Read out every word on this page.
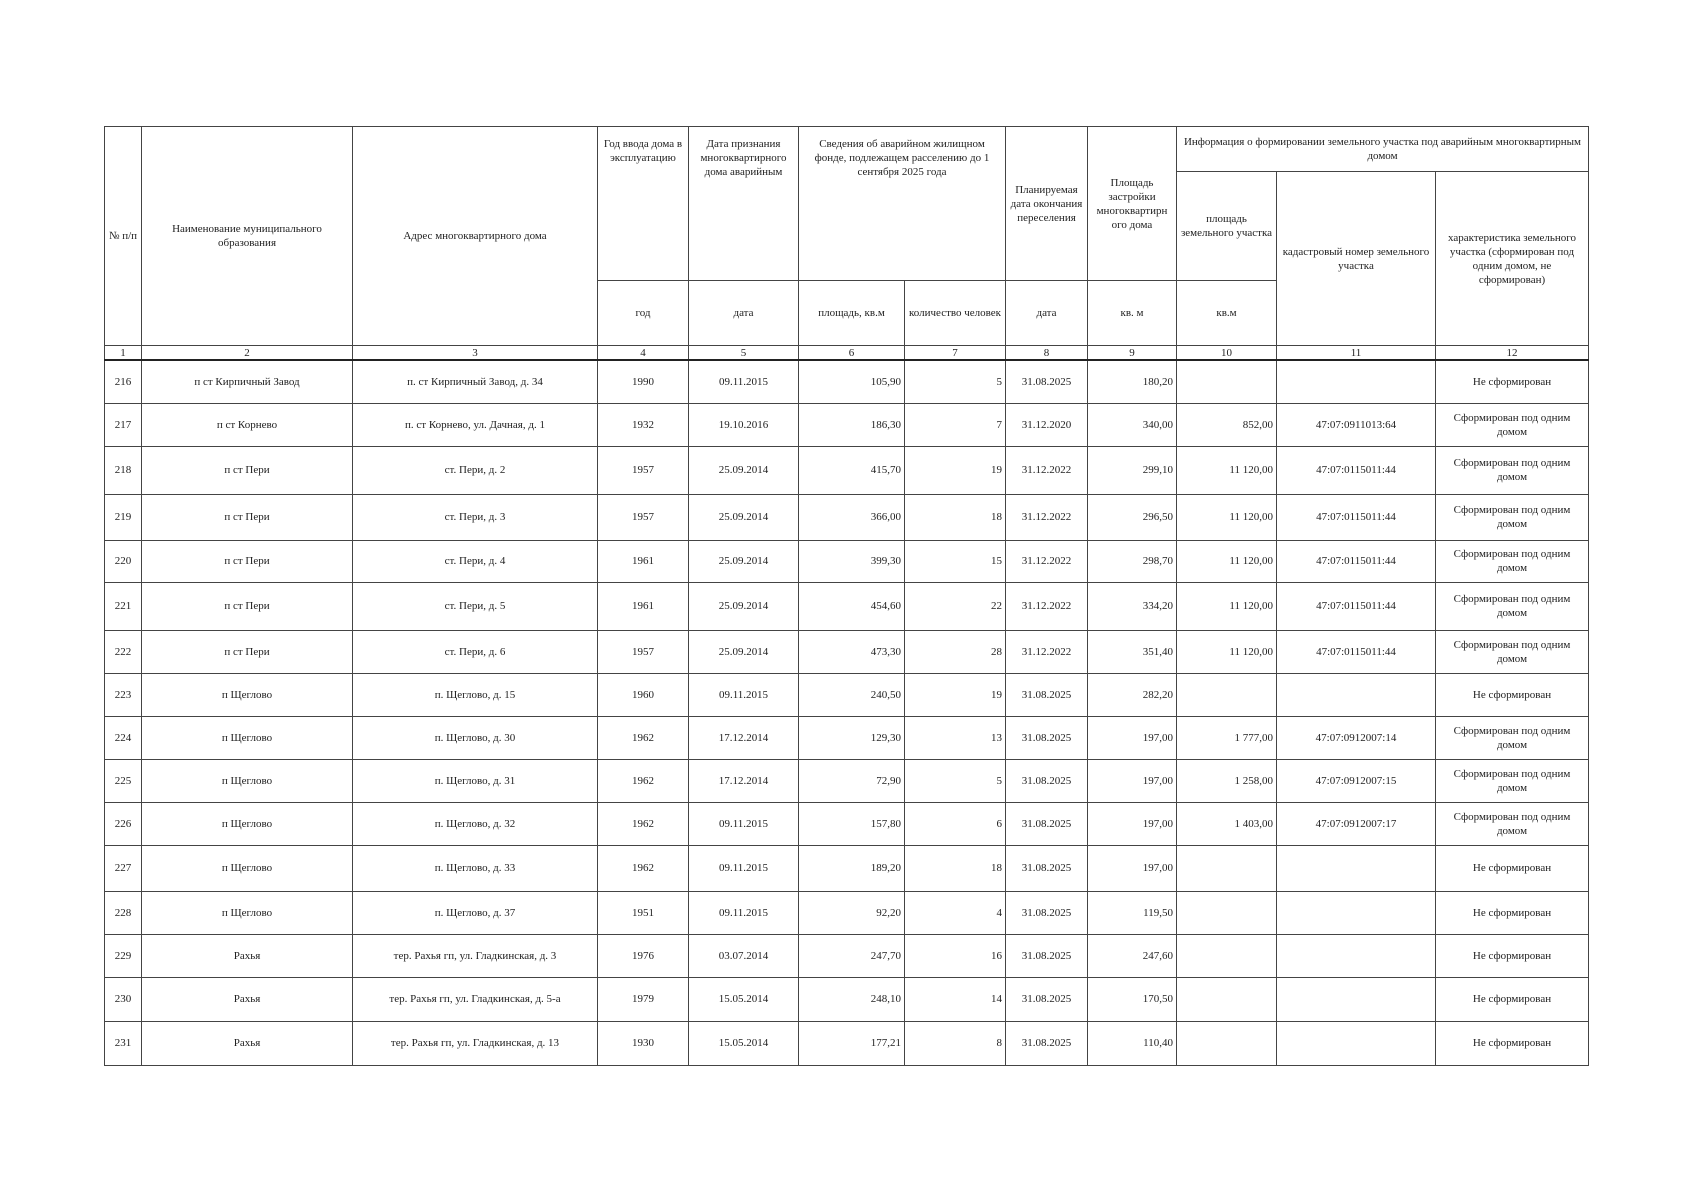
№ п/п	Наименование муниципального образования	Адрес многоквартирного дома	Год ввода дома в эксплуатацию	Дата признания многоквартирного дома аварийным	Сведения об аварийном жилищном фонде, подлежащем расселению до 1 сентября 2025 года		Планируемая дата окончания переселения	Площадь застройки многоквартирн ого дома	Информация о формировании земельного участка под аварийным многоквартирным домом		
									площадь земельного участка	кадастровый номер земельного участка	характеристика земельного участка (сформирован под одним домом, не сформирован)
			год	дата	площадь, кв.м	количество человек	дата	кв. м	кв.м		
1	2	3	4	5	6	7	8	9	10	11	12
216	п ст Кирпичный Завод	п. ст Кирпичный Завод, д. 34	1990	09.11.2015	105,90	5	31.08.2025	180,20			Не сформирован
217	п ст Корнево	п. ст Корнево, ул. Дачная, д. 1	1932	19.10.2016	186,30	7	31.12.2020	340,00	852,00	47:07:0911013:64	Сформирован под одним домом
218	п ст Пери	ст. Пери, д. 2	1957	25.09.2014	415,70	19	31.12.2022	299,10	11 120,00	47:07:0115011:44	Сформирован под одним домом
219	п ст Пери	ст. Пери, д. 3	1957	25.09.2014	366,00	18	31.12.2022	296,50	11 120,00	47:07:0115011:44	Сформирован под одним домом
220	п ст Пери	ст. Пери, д. 4	1961	25.09.2014	399,30	15	31.12.2022	298,70	11 120,00	47:07:0115011:44	Сформирован под одним домом
221	п ст Пери	ст. Пери, д. 5	1961	25.09.2014	454,60	22	31.12.2022	334,20	11 120,00	47:07:0115011:44	Сформирован под одним домом
222	п ст Пери	ст. Пери, д. 6	1957	25.09.2014	473,30	28	31.12.2022	351,40	11 120,00	47:07:0115011:44	Сформирован под одним домом
223	п Щеглово	п. Щеглово, д. 15	1960	09.11.2015	240,50	19	31.08.2025	282,20			Не сформирован
224	п Щеглово	п. Щеглово, д. 30	1962	17.12.2014	129,30	13	31.08.2025	197,00	1 777,00	47:07:0912007:14	Сформирован под одним домом
225	п Щеглово	п. Щеглово, д. 31	1962	17.12.2014	72,90	5	31.08.2025	197,00	1 258,00	47:07:0912007:15	Сформирован под одним домом
226	п Щеглово	п. Щеглово, д. 32	1962	09.11.2015	157,80	6	31.08.2025	197,00	1 403,00	47:07:0912007:17	Сформирован под одним домом
227	п Щеглово	п. Щеглово, д. 33	1962	09.11.2015	189,20	18	31.08.2025	197,00			Не сформирован
228	п Щеглово	п. Щеглово, д. 37	1951	09.11.2015	92,20	4	31.08.2025	119,50			Не сформирован
229	Рахья	тер. Рахья гп, ул. Гладкинская, д. 3	1976	03.07.2014	247,70	16	31.08.2025	247,60			Не сформирован
230	Рахья	тер. Рахья гп, ул. Гладкинская, д. 5-а	1979	15.05.2014	248,10	14	31.08.2025	170,50			Не сформирован
231	Рахья	тер. Рахья гп, ул. Гладкинская, д. 13	1930	15.05.2014	177,21	8	31.08.2025	110,40			Не сформирован
